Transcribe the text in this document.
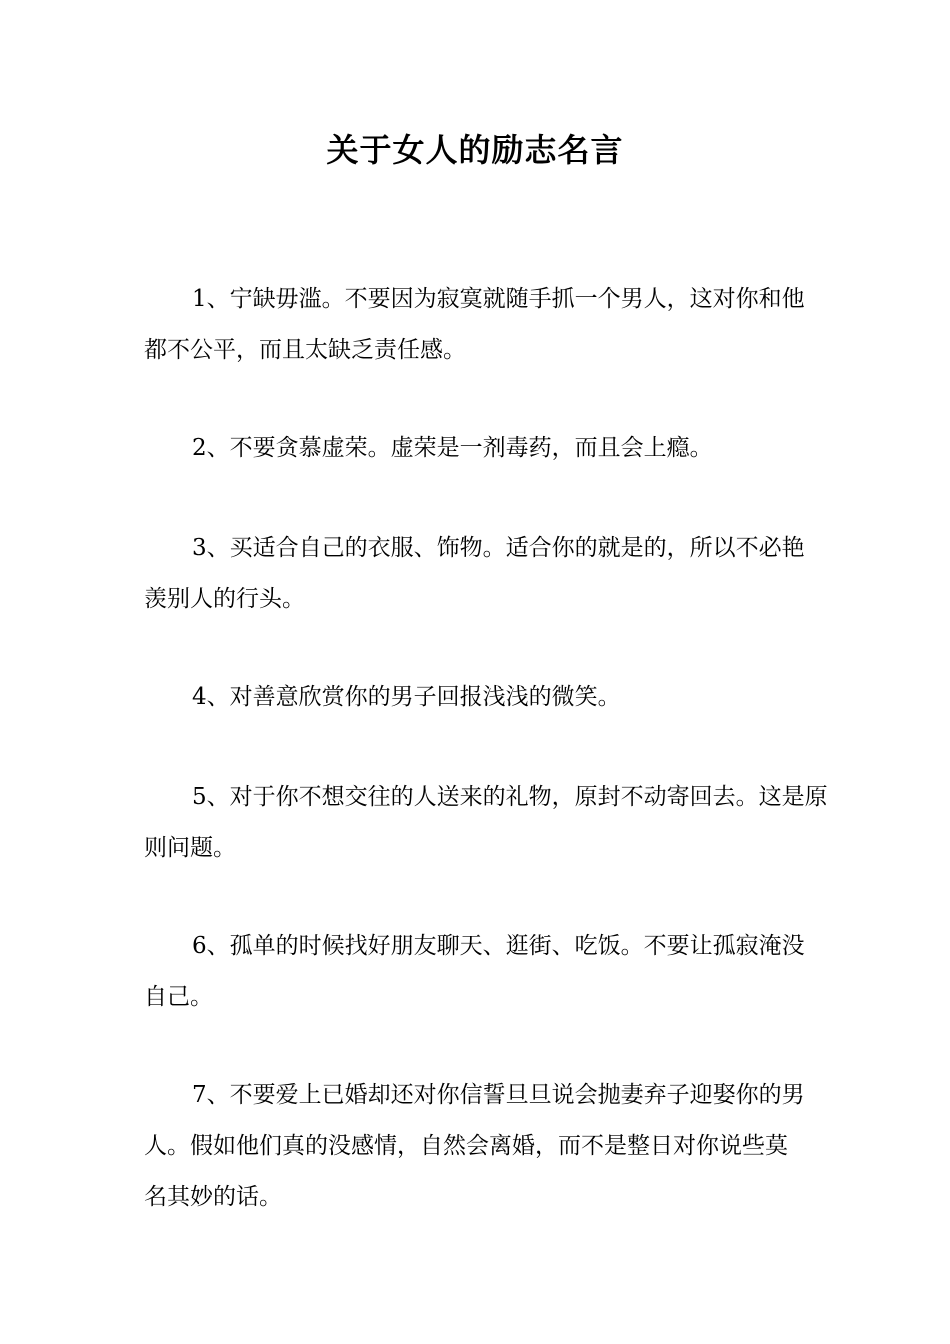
关于女人的励志名言

1、宁缺毋滥。不要因为寂寞就随手抓一个男人，这对你和他都不公平，而且太缺乏责任感。

2、不要贪慕虚荣。虚荣是一剂毒药，而且会上瘾。

3、买适合自己的衣服、饰物。适合你的就是的，所以不必艳羡别人的行头。

4、对善意欣赏你的男子回报浅浅的微笑。

5、对于你不想交往的人送来的礼物，原封不动寄回去。这是原则问题。

6、孤单的时候找好朋友聊天、逛街、吃饭。不要让孤寂淹没自己。

7、不要爱上已婚却还对你信誓旦旦说会抛妻弃子迎娶你的男人。假如他们真的没感情，自然会离婚，而不是整日对你说些莫名其妙的话。
